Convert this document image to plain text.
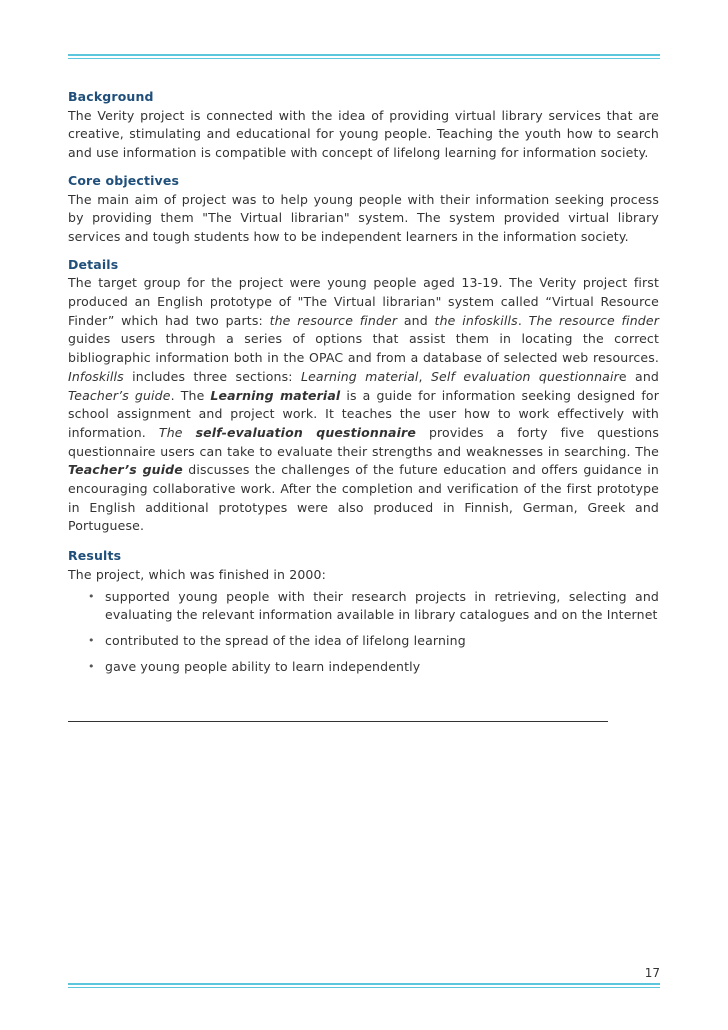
Background

The Verity project is connected with the idea of providing virtual library services that are creative, stimulating and educational for young people. Teaching the youth how to search and use information is compatible with concept of lifelong learning for information society.

Core objectives

The main aim of project was to help young people with their information seeking process by providing them "The Virtual librarian" system. The system provided virtual library services and tough students how to be independent learners in the information society.

Details

The target group for the project were young people aged 13-19. The Verity project first produced an English prototype of "The Virtual librarian" system called “Virtual Resource Finder” which had two parts: the resource finder and the infoskills. The resource finder guides users through a series of options that assist them in locating the correct bibliographic information both in the OPAC and from a database of selected web resources. Infoskills includes three sections: Learning material, Self evaluation questionnaire and Teacher’s guide. The Learning material is a guide for information seeking designed for school assignment and project work. It teaches the user how to work effectively with information. The self-evaluation questionnaire provides a forty five questions questionnaire users can take to evaluate their strengths and weaknesses in searching. The Teacher’s guide discusses the challenges of the future education and offers guidance in encouraging collaborative work. After the completion and verification of the first prototype in English additional prototypes were also produced in Finnish, German, Greek and Portuguese.

Results

The project, which was finished in 2000:

• supported young people with their research projects in retrieving, selecting and evaluating the relevant information available in library catalogues and on the Internet
• contributed to the spread of the idea of lifelong learning
• gave young people ability to learn independently
17
